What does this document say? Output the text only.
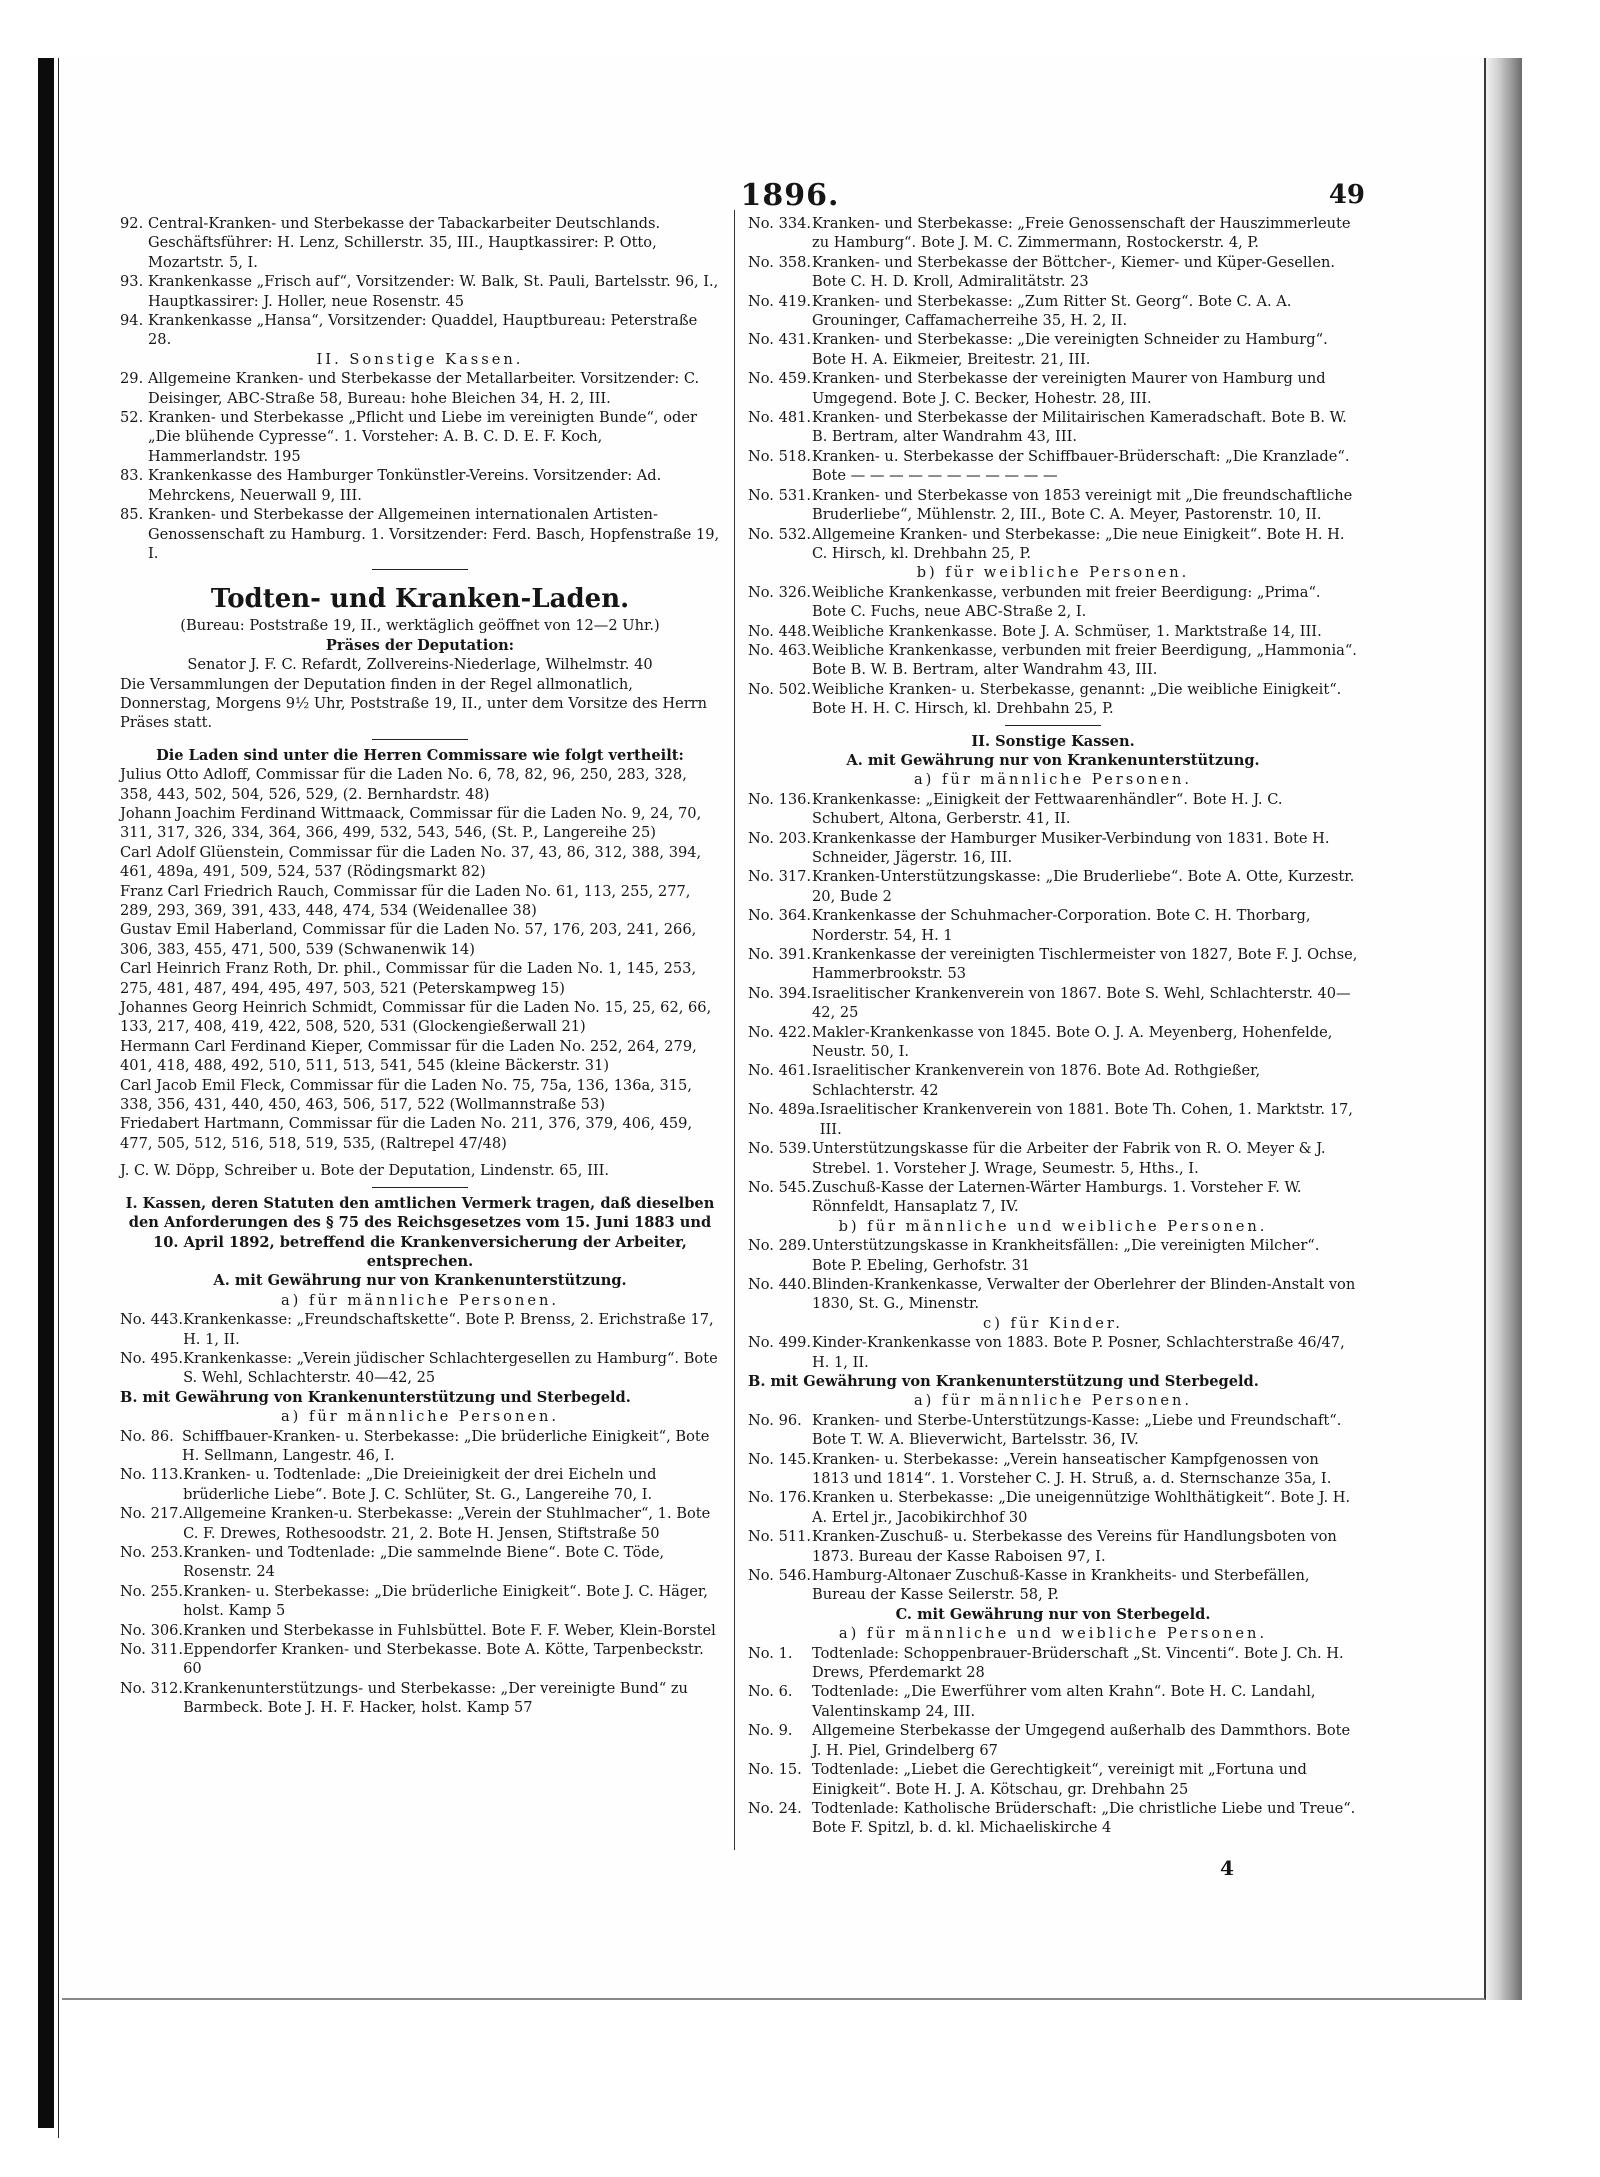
1896.	49
92. Central-Kranken- und Sterbekasse der Tabackarbeiter Deutschlands. Geschäftsführer: H. Lenz, Schillerstr. 35, III., Hauptkassirer: P. Otto, Mozartstr. 5, I.
93. Krankenkasse „Frisch auf“, Vorsitzender: W. Balk, St. Pauli, Bartelsstr. 96, I., Hauptkassirer: J. Holler, neue Rosenstr. 45
94. Krankenkasse „Hansa“, Vorsitzender: Quaddel, Hauptbureau: Peterstraße 28.
II. Sonstige Kassen.
29. Allgemeine Kranken- und Sterbekasse der Metallarbeiter. Vorsitzender: C. Deisinger, ABC-Straße 58, Bureau: hohe Bleichen 34, H. 2, III.
52. Kranken- und Sterbekasse „Pflicht und Liebe im vereinigten Bunde“, oder „Die blühende Cypresse“. 1. Vorsteher: A. B. C. D. E. F. Koch, Hammerlandstr. 195
83. Krankenkasse des Hamburger Tonkünstler-Vereins. Vorsitzender: Ad. Mehrckens, Neuerwall 9, III.
85. Kranken- und Sterbekasse der Allgemeinen internationalen Artisten-Genossenschaft zu Hamburg. 1. Vorsitzender: Ferd. Basch, Hopfenstraße 19, I.
Todten- und Kranken-Laden.
(Bureau: Poststraße 19, II., werktäglich geöffnet von 12—2 Uhr.)
Präses der Deputation:
Senator J. F. C. Refardt, Zollvereins-Niederlage, Wilhelmstr. 40
Die Versammlungen der Deputation finden in der Regel allmonatlich, Donnerstag, Morgens 9½ Uhr, Poststraße 19, II., unter dem Vorsitze des Herrn Präses statt.
Die Laden sind unter die Herren Commissare wie folgt vertheilt:
Julius Otto Adloff, Commissar für die Laden No. 6, 78, 82, 96, 250, 283, 328, 358, 443, 502, 504, 526, 529, (2. Bernhardstr. 48)
Johann Joachim Ferdinand Wittmaack, Commissar für die Laden No. 9, 24, 70, 311, 317, 326, 334, 364, 366, 499, 532, 543, 546, (St. P., Langereihe 25)
Carl Adolf Glüenstein, Commissar für die Laden No. 37, 43, 86, 312, 388, 394, 461, 489a, 491, 509, 524, 537 (Rödingsmarkt 82)
Franz Carl Friedrich Rauch, Commissar für die Laden No. 61, 113, 255, 277, 289, 293, 369, 391, 433, 448, 474, 534 (Weidenallee 38)
Gustav Emil Haberland, Commissar für die Laden No. 57, 176, 203, 241, 266, 306, 383, 455, 471, 500, 539 (Schwanenwik 14)
Carl Heinrich Franz Roth, Dr. phil., Commissar für die Laden No. 1, 145, 253, 275, 481, 487, 494, 495, 497, 503, 521 (Peterskampweg 15)
Johannes Georg Heinrich Schmidt, Commissar für die Laden No. 15, 25, 62, 66, 133, 217, 408, 419, 422, 508, 520, 531 (Glockengießerwall 21)
Hermann Carl Ferdinand Kieper, Commissar für die Laden No. 252, 264, 279, 401, 418, 488, 492, 510, 511, 513, 541, 545 (kleine Bäckerstr. 31)
Carl Jacob Emil Fleck, Commissar für die Laden No. 75, 75a, 136, 136a, 315, 338, 356, 431, 440, 450, 463, 506, 517, 522 (Wollmannstraße 53)
Friedabert Hartmann, Commissar für die Laden No. 211, 376, 379, 406, 459, 477, 505, 512, 516, 518, 519, 535, (Raltrepel 47/48)
J. C. W. Döpp, Schreiber u. Bote der Deputation, Lindenstr. 65, III.
I. Kassen, deren Statuten den amtlichen Vermerk tragen, daß dieselben den Anforderungen des § 75 des Reichsgesetzes vom 15. Juni 1883 und 10. April 1892, betreffend die Krankenversicherung der Arbeiter, entsprechen.
A. mit Gewährung nur von Krankenunterstützung.
a) für männliche Personen.
No. 443. Krankenkasse: „Freundschaftskette“. Bote P. Brenss, 2. Erichstraße 17, H. 1, II.
No. 495. Krankenkasse: „Verein jüdischer Schlachtergesellen zu Hamburg“. Bote S. Wehl, Schlachterstr. 40—42, 25
B. mit Gewährung von Krankenunterstützung und Sterbegeld.
a) für männliche Personen.
No. 86. Schiffbauer-Kranken- u. Sterbekasse: „Die brüderliche Einigkeit“, Bote H. Sellmann, Langestr. 46, I.
No. 113. Kranken- u. Todtenlade: „Die Dreieinigkeit der drei Eicheln und brüderliche Liebe“. Bote J. C. Schlüter, St. G., Langereihe 70, I.
No. 217. Allgemeine Kranken-u. Sterbekasse: „Verein der Stuhlmacher“, 1. Bote C. F. Drewes, Rothesoodstr. 21, 2. Bote H. Jensen, Stiftstraße 50
No. 253. Kranken- und Todtenlade: „Die sammelnde Biene“. Bote C. Töde, Rosenstr. 24
No. 255. Kranken- u. Sterbekasse: „Die brüderliche Einigkeit“. Bote J. C. Häger, holst. Kamp 5
No. 306. Kranken und Sterbekasse in Fuhlsbüttel. Bote F. F. Weber, Klein-Borstel
No. 311. Eppendorfer Kranken- und Sterbekasse. Bote A. Kötte, Tarpenbeckstr. 60
No. 312. Krankenunterstützungs- und Sterbekasse: „Der vereinigte Bund“ zu Barmbeck. Bote J. H. F. Hacker, holst. Kamp 57
No. 334. Kranken- und Sterbekasse: „Freie Genossenschaft der Hauszimmerleute zu Hamburg“. Bote J. M. C. Zimmermann, Rostockerstr. 4, P.
No. 358. Kranken- und Sterbekasse der Böttcher-, Kiemer- und Küper-Gesellen. Bote C. H. D. Kroll, Admiralitätstr. 23
No. 419. Kranken- und Sterbekasse: „Zum Ritter St. Georg“. Bote C. A. A. Grouninger, Caffamacherreihe 35, H. 2, II.
No. 431. Kranken- und Sterbekasse: „Die vereinigten Schneider zu Hamburg“. Bote H. A. Eikmeier, Breitestr. 21, III.
No. 459. Kranken- und Sterbekasse der vereinigten Maurer von Hamburg und Umgegend. Bote J. C. Becker, Hohestr. 28, III.
No. 481. Kranken- und Sterbekasse der Militairischen Kameradschaft. Bote B. W. B. Bertram, alter Wandrahm 43, III.
No. 518. Kranken- u. Sterbekasse der Schiffbauer-Brüderschaft: „Die Kranzlade“. Bote — — — — — — — — — — —
No. 531. Kranken- und Sterbekasse von 1853 vereinigt mit „Die freundschaftliche Bruderliebe“, Mühlenstr. 2, III., Bote C. A. Meyer, Pastorenstr. 10, II.
No. 532. Allgemeine Kranken- und Sterbekasse: „Die neue Einigkeit“. Bote H. H. C. Hirsch, kl. Drehbahn 25, P.
b) für weibliche Personen.
No. 326. Weibliche Krankenkasse, verbunden mit freier Beerdigung: „Prima“. Bote C. Fuchs, neue ABC-Straße 2, I.
No. 448. Weibliche Krankenkasse. Bote J. A. Schmüser, 1. Marktstraße 14, III.
No. 463. Weibliche Krankenkasse, verbunden mit freier Beerdigung, „Hammonia“. Bote B. W. B. Bertram, alter Wandrahm 43, III.
No. 502. Weibliche Kranken- u. Sterbekasse, genannt: „Die weibliche Einigkeit“. Bote H. H. C. Hirsch, kl. Drehbahn 25, P.
II. Sonstige Kassen.
A. mit Gewährung nur von Krankenunterstützung.
a) für männliche Personen.
No. 136. Krankenkasse: „Einigkeit der Fettwaarenhändler“. Bote H. J. C. Schubert, Altona, Gerberstr. 41, II.
No. 203. Krankenkasse der Hamburger Musiker-Verbindung von 1831. Bote H. Schneider, Jägerstr. 16, III.
No. 317. Kranken-Unterstützungskasse: „Die Bruderliebe“. Bote A. Otte, Kurzestr. 20, Bude 2
No. 364. Krankenkasse der Schuhmacher-Corporation. Bote C. H. Thorbarg, Norderstr. 54, H. 1
No. 391. Krankenkasse der vereinigten Tischlermeister von 1827, Bote F. J. Ochse, Hammerbrookstr. 53
No. 394. Israelitischer Krankenverein von 1867. Bote S. Wehl, Schlachterstr. 40—42, 25
No. 422. Makler-Krankenkasse von 1845. Bote O. J. A. Meyenberg, Hohenfelde, Neustr. 50, I.
No. 461. Israelitischer Krankenverein von 1876. Bote Ad. Rothgießer, Schlachterstr. 42
No. 489a. Israelitischer Krankenverein von 1881. Bote Th. Cohen, 1. Marktstr. 17, III.
No. 539. Unterstützungskasse für die Arbeiter der Fabrik von R. O. Meyer & J. Strebel. 1. Vorsteher J. Wrage, Seumestr. 5, Hths., I.
No. 545. Zuschuß-Kasse der Laternen-Wärter Hamburgs. 1. Vorsteher F. W. Rönnfeldt, Hansaplatz 7, IV.
b) für männliche und weibliche Personen.
No. 289. Unterstützungskasse in Krankheitsfällen: „Die vereinigten Milcher“. Bote P. Ebeling, Gerhofstr. 31
No. 440. Blinden-Krankenkasse, Verwalter der Oberlehrer der Blinden-Anstalt von 1830, St. G., Minenstr.
c) für Kinder.
No. 499. Kinder-Krankenkasse von 1883. Bote P. Posner, Schlachterstraße 46/47, H. 1, II.
B. mit Gewährung von Krankenunterstützung und Sterbegeld.
a) für männliche Personen.
No. 96. Kranken- und Sterbe-Unterstützungs-Kasse: „Liebe und Freundschaft“. Bote T. W. A. Blieverwicht, Bartelsstr. 36, IV.
No. 145. Kranken- u. Sterbekasse: „Verein hanseatischer Kampfgenossen von 1813 und 1814“. 1. Vorsteher C. J. H. Struß, a. d. Sternschanze 35a, I.
No. 176. Kranken u. Sterbekasse: „Die uneigennützige Wohlthätigkeit“. Bote J. H. A. Ertel jr., Jacobikirchhof 30
No. 511. Kranken-Zuschuß- u. Sterbekasse des Vereins für Handlungsboten von 1873. Bureau der Kasse Raboisen 97, I.
No. 546. Hamburg-Altonaer Zuschuß-Kasse in Krankheits- und Sterbefällen, Bureau der Kasse Seilerstr. 58, P.
C. mit Gewährung nur von Sterbegeld.
a) für männliche und weibliche Personen.
No. 1.	Todtenlade: Schoppenbrauer-Brüderschaft „St. Vincenti“. Bote J. Ch. H. Drews, Pferdemarkt 28
No. 6.	Todtenlade: „Die Ewerführer vom alten Krahn“. Bote H. C. Landahl, Valentinskamp 24, III.
No. 9.	Allgemeine Sterbekasse der Umgegend außerhalb des Dammthors. Bote J. H. Piel, Grindelberg 67
No. 15. Todtenlade: „Liebet die Gerechtigkeit“, vereinigt mit „Fortuna und Einigkeit“. Bote H. J. A. Kötschau, gr. Drehbahn 25
No. 24. Todtenlade: Katholische Brüderschaft: „Die christliche Liebe und Treue“. Bote F. Spitzl, b. d. kl. Michaeliskirche 4
4
